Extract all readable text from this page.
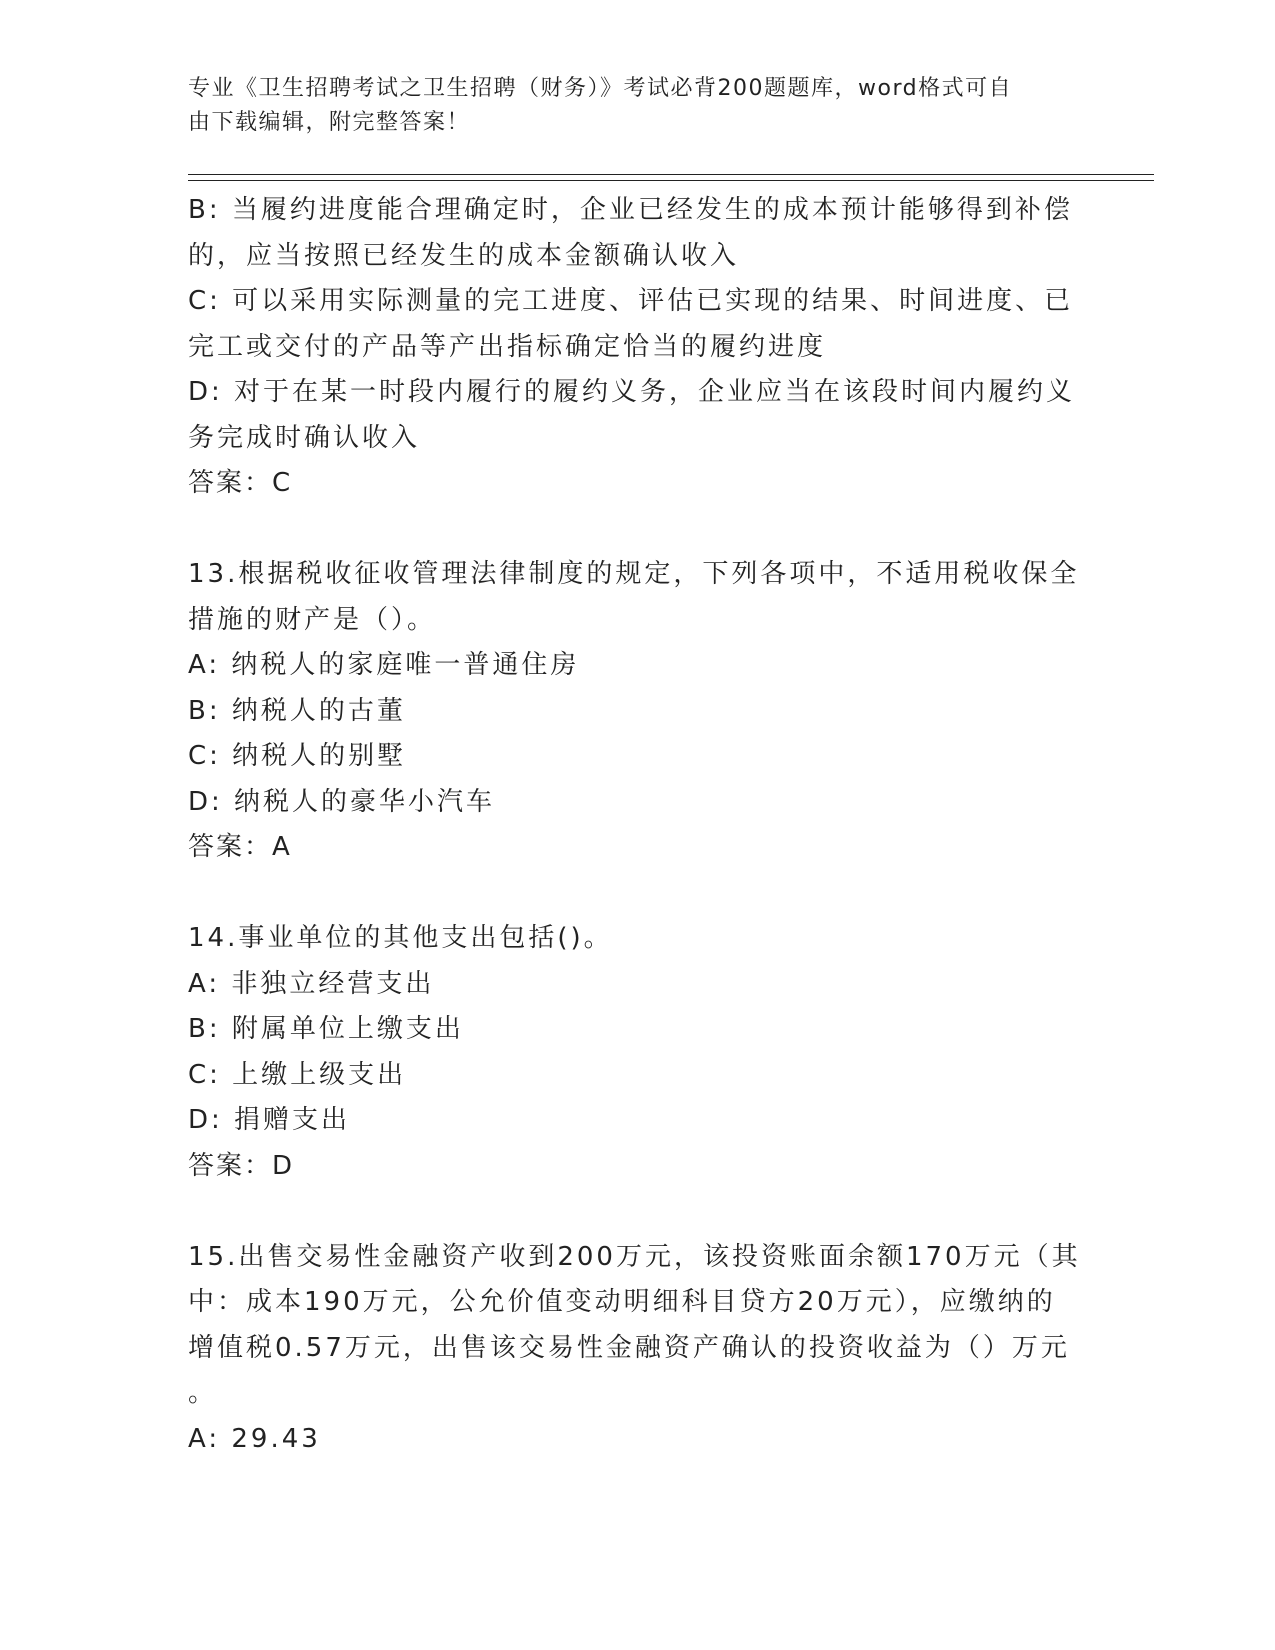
专业《卫生招聘考试之卫生招聘（财务）》考试必背200题题库，word格式可自
由下载编辑，附完整答案！
B: 当履约进度能合理确定时，企业已经发生的成本预计能够得到补偿
的，应当按照已经发生的成本金额确认收入
C: 可以采用实际测量的完工进度、评估已实现的结果、时间进度、已
完工或交付的产品等产出指标确定恰当的履约进度
D: 对于在某一时段内履行的履约义务，企业应当在该段时间内履约义
务完成时确认收入
答案：C
13.根据税收征收管理法律制度的规定，下列各项中，不适用税收保全
措施的财产是（）。
A: 纳税人的家庭唯一普通住房
B: 纳税人的古董
C: 纳税人的别墅
D: 纳税人的豪华小汽车
答案：A
14.事业单位的其他支出包括()。
A: 非独立经营支出
B: 附属单位上缴支出
C: 上缴上级支出
D: 捐赠支出
答案：D
15.出售交易性金融资产收到200万元，该投资账面余额170万元（其
中：成本190万元，公允价值变动明细科目贷方20万元），应缴纳的
增值税0.57万元，出售该交易性金融资产确认的投资收益为（）万元
。
A: 29.43
